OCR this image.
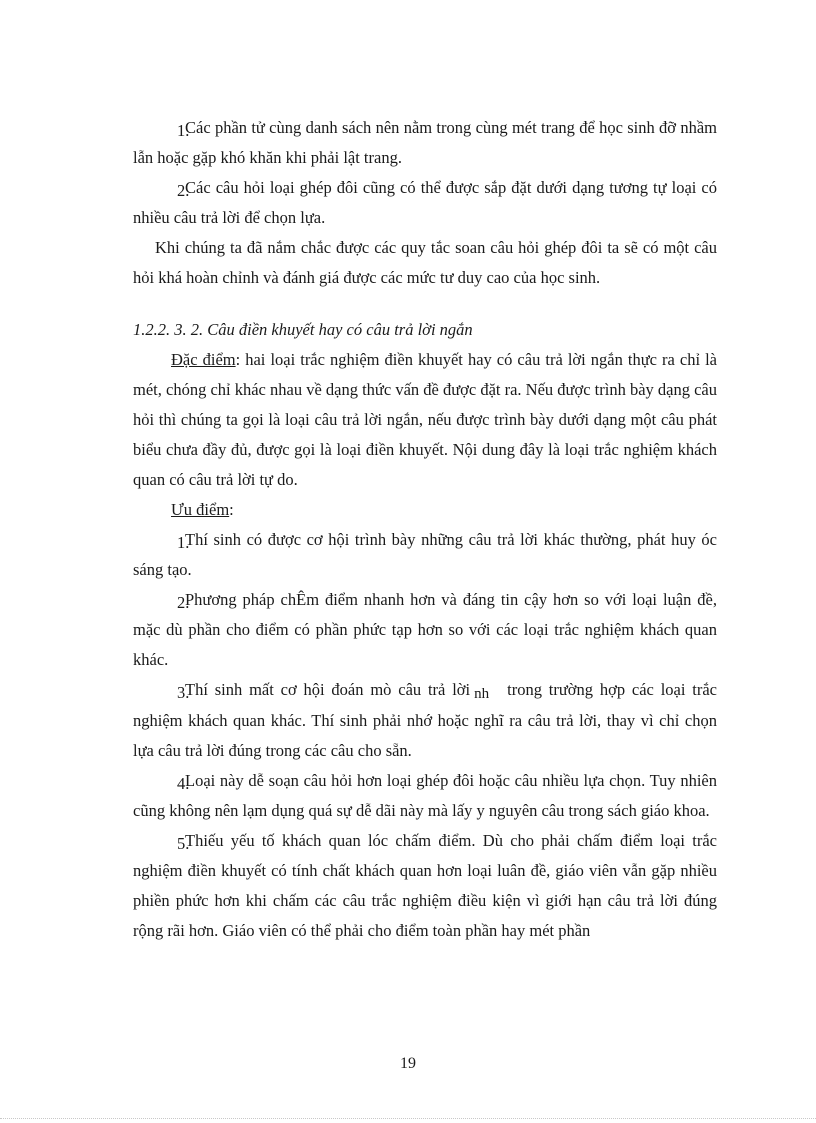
1.Các phần tử cùng danh sách nên nằm trong cùng mét trang để học sinh đỡ nhầm lẫn hoặc gặp khó khăn khi phải lật trang.

2.Các câu hỏi loại ghép đôi cũng có thể được sắp đặt dưới dạng tương tự loại có nhiều câu trả lời để chọn lựa.

Khi chúng ta đã nắm chắc được các quy tắc soan câu hỏi ghép đôi ta sẽ có một câu hỏi khá hoàn chỉnh và đánh giá được các mức tư duy cao của học sinh.

1.2.2. 3. 2. Câu điền khuyết hay có câu trả lời ngắn

Đặc điểm: hai loại trắc nghiệm điền khuyết hay có câu trả lời ngắn thực ra chỉ là mét, chóng chỉ khác nhau về dạng thức vấn đề được đặt ra. Nếu được trình bày dạng câu hỏi thì chúng ta gọi là loại câu trả lời ngắn, nếu được trình bày dưới dạng một câu phát biểu chưa đầy đủ, được gọi là loại điền khuyết. Nội dung đây là loại trắc nghiệm khách quan có câu trả lời tự do.

Ưu điểm:

1.Thí sinh có được cơ hội trình bày những câu trả lời khác thường, phát huy óc sáng tạo.

2.Phương pháp chÊm điểm nhanh hơn và đáng tin cậy hơn so với loại luận đề, mặc dù phần cho điểm có phần phức tạp hơn so với các loại trắc nghiệm khách quan khác.

3.Thí sinh mất cơ hội đoán mò câu trả lời nh trong trường hợp các loại trắc nghiệm khách quan khác. Thí sinh phải nhớ hoặc nghĩ ra câu trả lời, thay vì chỉ chọn lựa câu trả lời đúng trong các câu cho sẵn.

4.Loại này dễ soạn câu hỏi hơn loại ghép đôi hoặc câu nhiều lựa chọn. Tuy nhiên cũng không nên lạm dụng quá sự dễ dãi này mà lấy y nguyên câu trong sách giáo khoa.

5.Thiếu yếu tố khách quan lóc chấm điểm. Dù cho phải chấm điểm loại trắc nghiệm điền khuyết có tính chất khách quan hơn loại luân đề, giáo viên vẫn gặp nhiều phiền phức hơn khi chấm các câu trắc nghiệm điều kiện vì giới hạn câu trả lời đúng rộng rãi hơn. Giáo viên có thể phải cho điểm toàn phần hay mét phần

19
